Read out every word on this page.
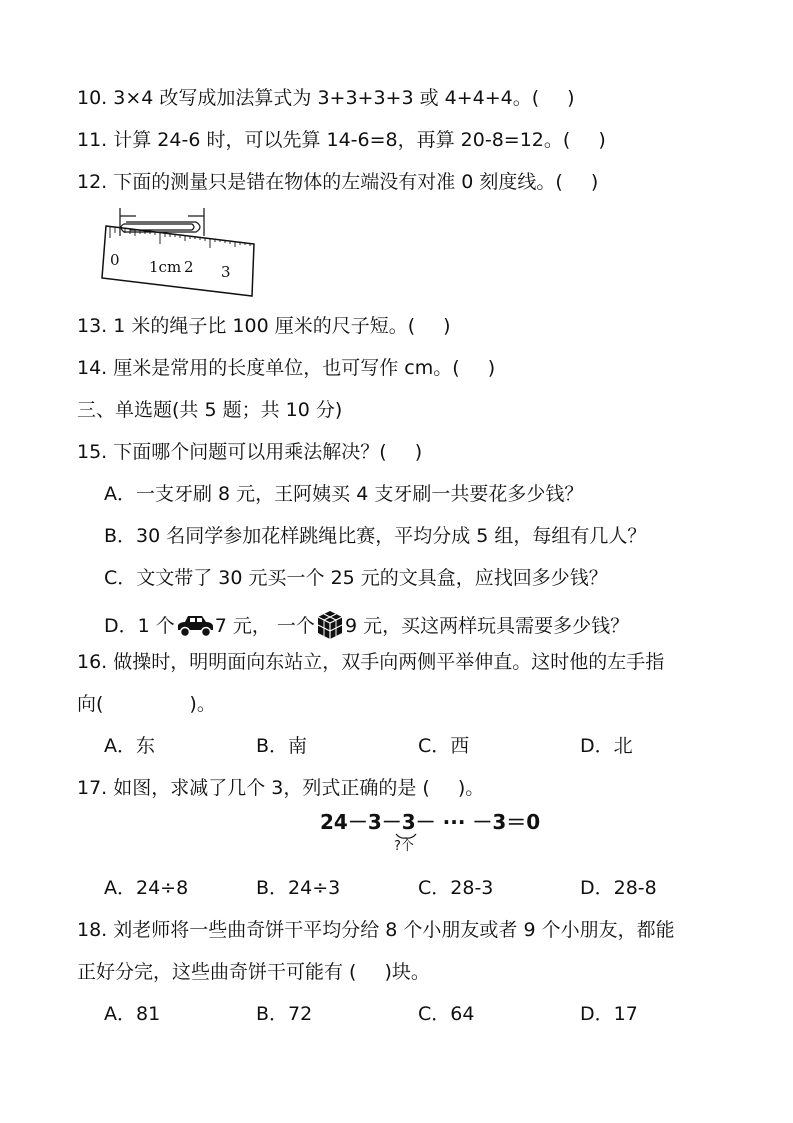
10. 3×4 改写成加法算式为 3+3+3+3 或 4+4+4。( )
11. 计算 24-6 时，可以先算 14-6=8，再算 20-8=12。( )
12. 下面的测量只是错在物体的左端没有对准 0 刻度线。( )
0 1cm 2 3
13. 1 米的绳子比 100 厘米的尺子短。( )
14. 厘米是常用的长度单位，也可写作 cm。( )
三、单选题(共 5 题；共 10 分)
15. 下面哪个问题可以用乘法解决？( )
A．一支牙刷 8 元，王阿姨买 4 支牙刷一共要花多少钱？
B．30 名同学参加花样跳绳比赛，平均分成 5 组，每组有几人？
C．文文带了 30 元买一个 25 元的文具盒，应找回多少钱？
D．1 个 7 元， 一个 9 元，买这两样玩具需要多少钱？
16. 做操时，明明面向东站立，双手向两侧平举伸直。这时他的左手指
向(	)。
A．东	B．南	C．西	D．北
17. 如图，求减了几个 3，列式正确的是 ( )。
24－3－3－ ··· －3＝0
?个
A．24÷8	B．24÷3	C．28-3	D．28-8
18. 刘老师将一些曲奇饼干平均分给 8 个小朋友或者 9 个小朋友，都能
正好分完，这些曲奇饼干可能有 ( )块。
A．81	B．72	C．64	D．17
